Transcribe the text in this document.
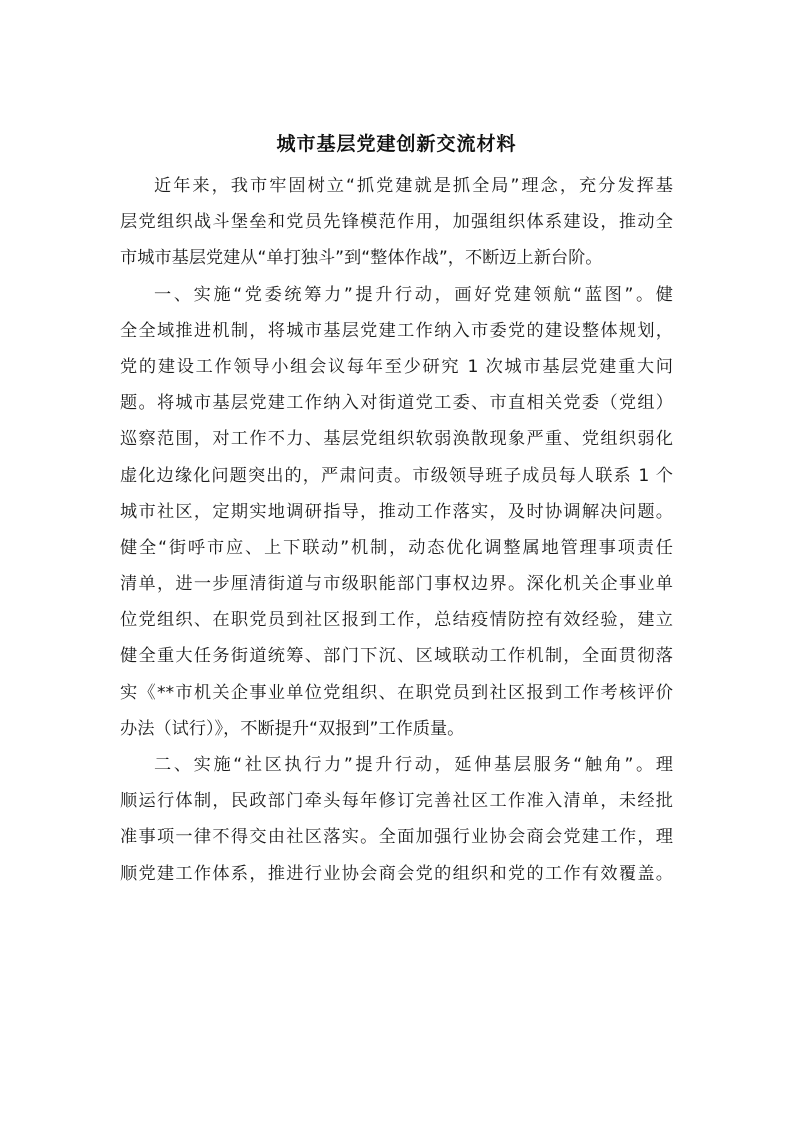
城市基层党建创新交流材料
近年来，我市牢固树立“抓党建就是抓全局”理念，充分发挥基
层党组织战斗堡垒和党员先锋模范作用，加强组织体系建设，推动全
市城市基层党建从“单打独斗”到“整体作战”，不断迈上新台阶。
一、实施“党委统筹力”提升行动，画好党建领航“蓝图”。健
全全域推进机制，将城市基层党建工作纳入市委党的建设整体规划，
党的建设工作领导小组会议每年至少研究 1 次城市基层党建重大问
题。将城市基层党建工作纳入对街道党工委、市直相关党委（党组）
巡察范围，对工作不力、基层党组织软弱涣散现象严重、党组织弱化
虚化边缘化问题突出的，严肃问责。市级领导班子成员每人联系 1 个
城市社区，定期实地调研指导，推动工作落实，及时协调解决问题。
健全“街呼市应、上下联动”机制，动态优化调整属地管理事项责任
清单，进一步厘清街道与市级职能部门事权边界。深化机关企事业单
位党组织、在职党员到社区报到工作，总结疫情防控有效经验，建立
健全重大任务街道统筹、部门下沉、区域联动工作机制，全面贯彻落
实《**市机关企事业单位党组织、在职党员到社区报到工作考核评价
办法（试行）》，不断提升“双报到”工作质量。
二、实施“社区执行力”提升行动，延伸基层服务“触角”。理
顺运行体制，民政部门牵头每年修订完善社区工作准入清单，未经批
准事项一律不得交由社区落实。全面加强行业协会商会党建工作，理
顺党建工作体系，推进行业协会商会党的组织和党的工作有效覆盖。
